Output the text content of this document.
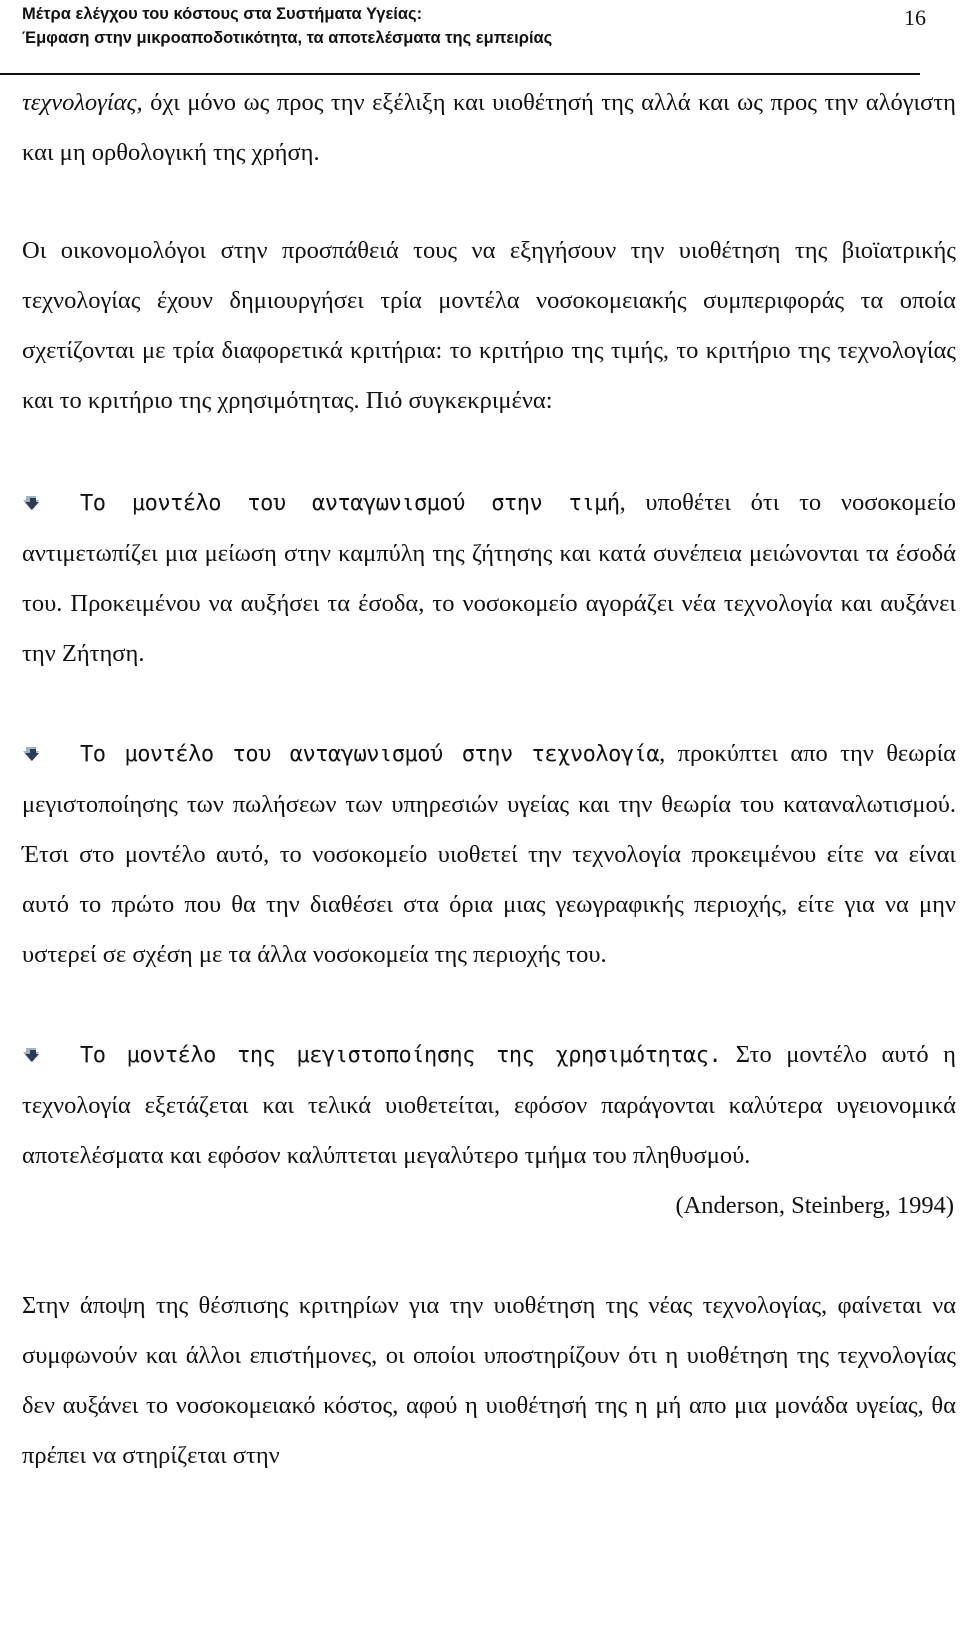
Μέτρα ελέγχου του κόστους στα Συστήματα Υγείας:
Έμφαση στην μικροαποδοτικότητα, τα αποτελέσματα της εμπειρίας
16

τεχνολογίας, όχι μόνο ως προς την εξέλιξη και υιοθέτησή της αλλά και ως προς την αλόγιστη και μη ορθολογική της χρήση.

Οι οικονομολόγοι στην προσπάθειά τους να εξηγήσουν την υιοθέτηση της βιοϊατρικής τεχνολογίας έχουν δημιουργήσει τρία μοντέλα νοσοκομειακής συμπεριφοράς τα οποία σχετίζονται με τρία διαφορετικά κριτήρια: το κριτήριο της τιμής, το κριτήριο της τεχνολογίας και το κριτήριο της χρησιμότητας. Πιό συγκεκριμένα:

Το μοντέλο του ανταγωνισμού στην τιμή, υποθέτει ότι το νοσοκομείο αντιμετωπίζει μια μείωση στην καμπύλη της ζήτησης και κατά συνέπεια μειώνονται τα έσοδά του. Προκειμένου να αυξήσει τα έσοδα, το νοσοκομείο αγοράζει νέα τεχνολογία και αυξάνει την Ζήτηση.

Το μοντέλο του ανταγωνισμού στην τεχνολογία, προκύπτει απο την θεωρία μεγιστοποίησης των πωλήσεων των υπηρεσιών υγείας και την θεωρία του καταναλωτισμού. Έτσι στο μοντέλο αυτό, το νοσοκομείο υιοθετεί την τεχνολογία προκειμένου είτε να είναι αυτό το πρώτο που θα την διαθέσει στα όρια μιας γεωγραφικής περιοχής, είτε για να μην υστερεί σε σχέση με τα άλλα νοσοκομεία της περιοχής του.

Το μοντέλο της μεγιστοποίησης της χρησιμότητας. Στο μοντέλο αυτό η τεχνολογία εξετάζεται και τελικά υιοθετείται, εφόσον παράγονται καλύτερα υγειονομικά αποτελέσματα και εφόσον καλύπτεται μεγαλύτερο τμήμα του πληθυσμού.

(Anderson, Steinberg, 1994)

Στην άποψη της θέσπισης κριτηρίων για την υιοθέτηση της νέας τεχνολογίας, φαίνεται να συμφωνούν και άλλοι επιστήμονες, οι οποίοι υποστηρίζουν ότι η υιοθέτηση της τεχνολογίας δεν αυξάνει το νοσοκομειακό κόστος, αφού η υιοθέτησή της η μή απο μια μονάδα υγείας, θα πρέπει να στηρίζεται στην
